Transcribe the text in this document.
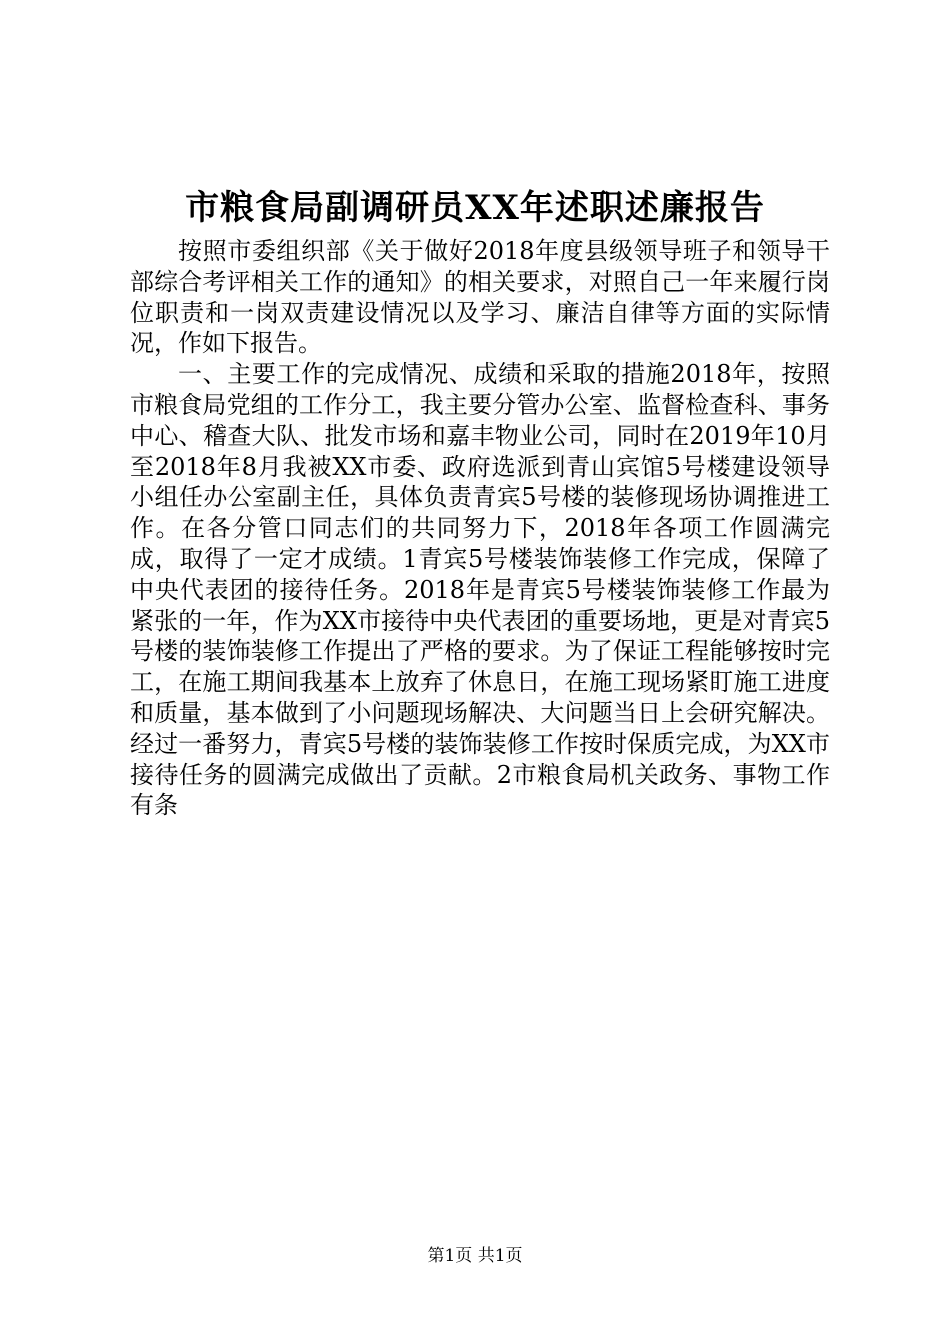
市粮食局副调研员XX年述职述廉报告

按照市委组织部《关于做好2018年度县级领导班子和领导干部综合考评相关工作的通知》的相关要求，对照自己一年来履行岗位职责和一岗双责建设情况以及学习、廉洁自律等方面的实际情况，作如下报告。

一、主要工作的完成情况、成绩和采取的措施2018年，按照市粮食局党组的工作分工，我主要分管办公室、监督检查科、事务中心、稽查大队、批发市场和嘉丰物业公司，同时在2019年10月至2018年8月我被XX市委、政府选派到青山宾馆5号楼建设领导小组任办公室副主任，具体负责青宾5号楼的装修现场协调推进工作。在各分管口同志们的共同努力下，2018年各项工作圆满完成，取得了一定才成绩。1青宾5号楼装饰装修工作完成，保障了中央代表团的接待任务。2018年是青宾5号楼装饰装修工作最为紧张的一年，作为XX市接待中央代表团的重要场地，更是对青宾5号楼的装饰装修工作提出了严格的要求。为了保证工程能够按时完工，在施工期间我基本上放弃了休息日，在施工现场紧盯施工进度和质量，基本做到了小问题现场解决、大问题当日上会研究解决。经过一番努力，青宾5号楼的装饰装修工作按时保质完成，为XX市接待任务的圆满完成做出了贡献。2市粮食局机关政务、事物工作有条

第1页 共1页
